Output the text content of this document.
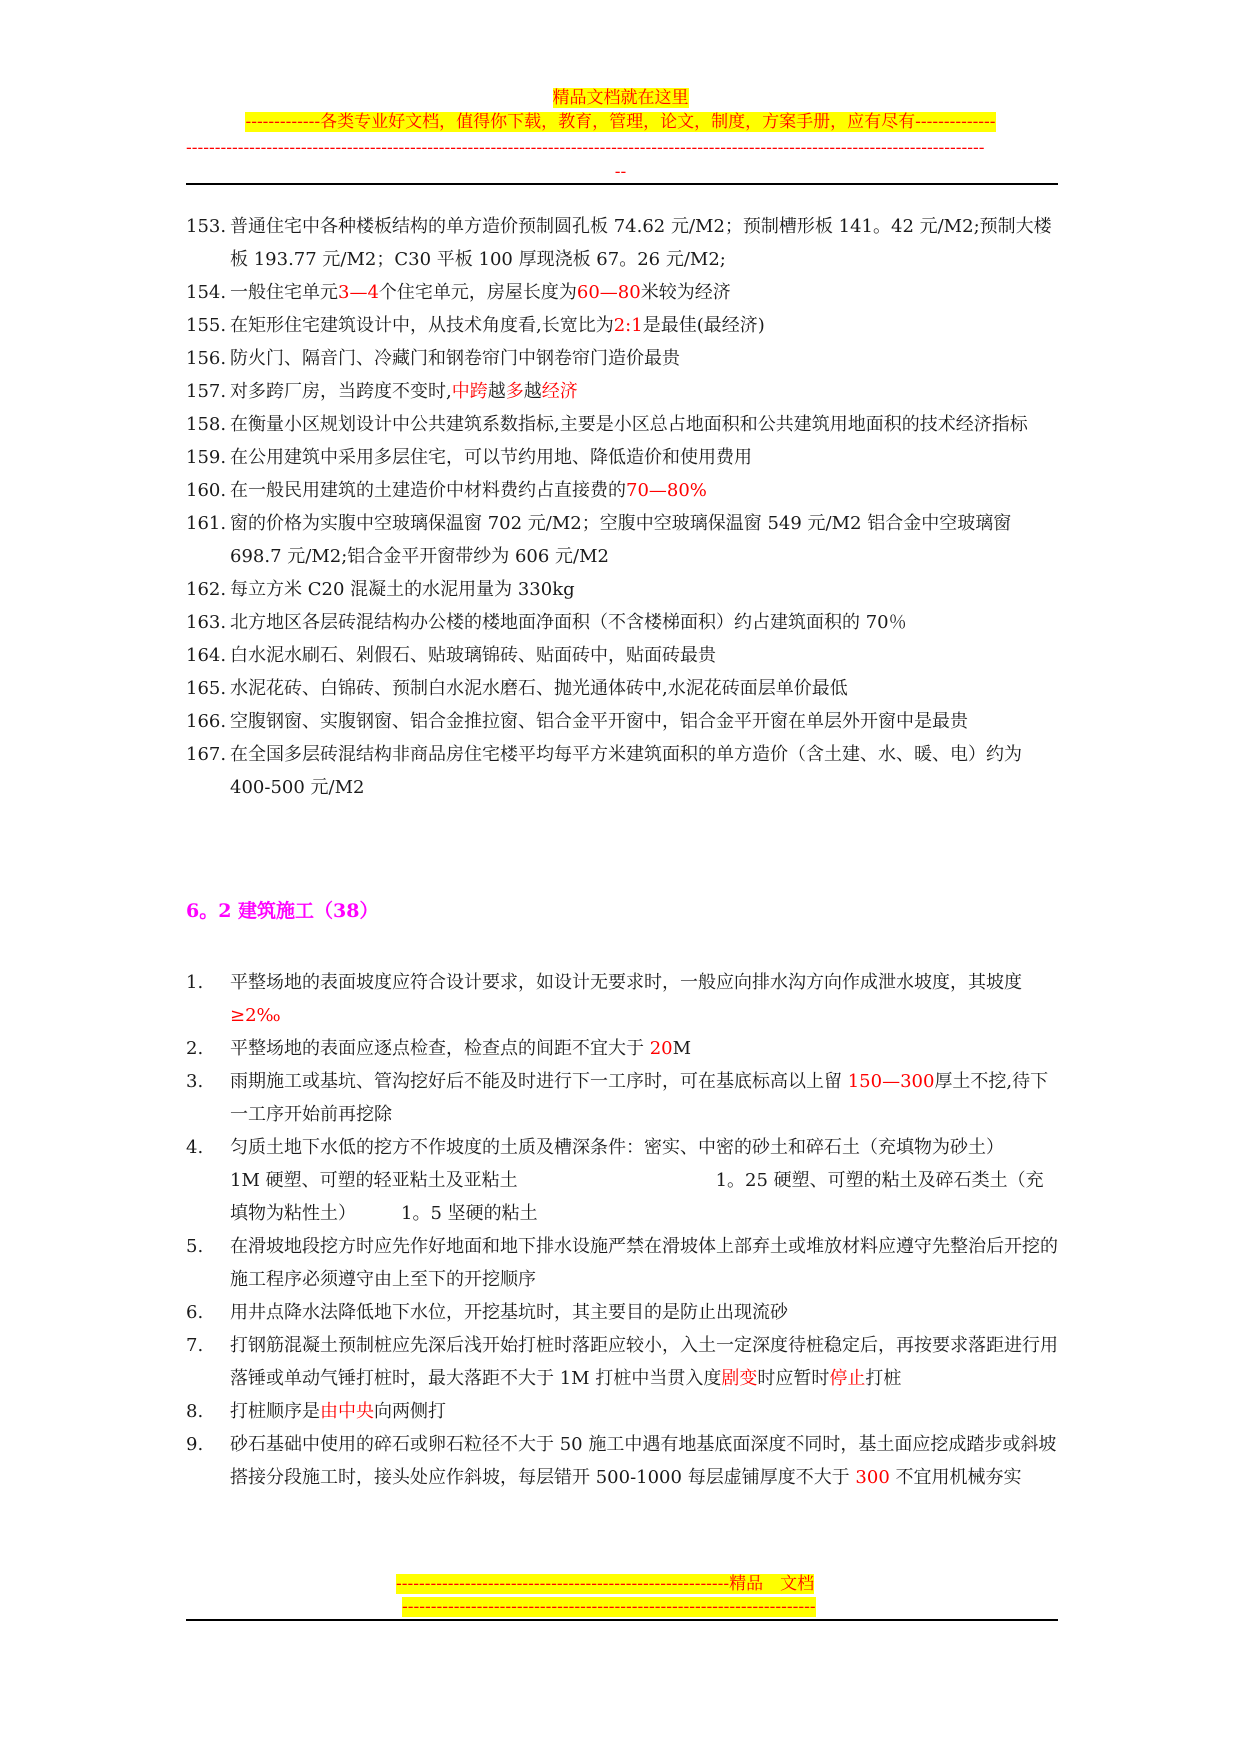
精品文档就在这里
-------------各类专业好文档，值得你下载，教育，管理，论文，制度，方案手册，应有尽有--------------
-------------------------------------------------------------------------------------------------------------------------------------------
--
153. 普通住宅中各种楼板结构的单方造价预制圆孔板 74.62 元/M2；预制槽形板 141。42 元/M2;预制大楼板 193.77 元/M2；C30 平板 100 厚现浇板 67。26 元/M2;
154. 一般住宅单元3—4个住宅单元，房屋长度为60—80米较为经济
155. 在矩形住宅建筑设计中，从技术角度看,长宽比为2:1是最佳(最经济)
156. 防火门、隔音门、冷藏门和钢卷帘门中钢卷帘门造价最贵
157. 对多跨厂房，当跨度不变时,中跨越多越经济
158. 在衡量小区规划设计中公共建筑系数指标,主要是小区总占地面积和公共建筑用地面积的技术经济指标
159. 在公用建筑中采用多层住宅，可以节约用地、降低造价和使用费用
160. 在一般民用建筑的土建造价中材料费约占直接费的70—80%
161. 窗的价格为实腹中空玻璃保温窗 702 元/M2；空腹中空玻璃保温窗 549 元/M2 铝合金中空玻璃窗 698.7 元/M2;铝合金平开窗带纱为 606 元/M2
162. 每立方米 C20 混凝土的水泥用量为 330kg
163. 北方地区各层砖混结构办公楼的楼地面净面积（不含楼梯面积）约占建筑面积的 70％
164. 白水泥水刷石、剁假石、贴玻璃锦砖、贴面砖中，贴面砖最贵
165. 水泥花砖、白锦砖、预制白水泥水磨石、抛光通体砖中,水泥花砖面层单价最低
166. 空腹钢窗、实腹钢窗、铝合金推拉窗、铝合金平开窗中，铝合金平开窗在单层外开窗中是最贵
167. 在全国多层砖混结构非商品房住宅楼平均每平方米建筑面积的单方造价（含土建、水、暖、电）约为 400-500 元/M2
6。2 建筑施工（38）
1.	平整场地的表面坡度应符合设计要求，如设计无要求时，一般应向排水沟方向作成泄水坡度，其坡度≥2‰
2.	平整场地的表面应逐点检查，检查点的间距不宜大于 20M
3.	雨期施工或基坑、管沟挖好后不能及时进行下一工序时，可在基底标高以上留 150—300厚土不挖,待下一工序开始前再挖除
4.	匀质土地下水低的挖方不作坡度的土质及槽深条件：密实、中密的砂土和碎石土（充填物为砂土）　　1M 硬塑、可塑的轻亚粘土及亚粘土　　　　　　　　　　　1。25 硬塑、可塑的粘土及碎石类土（充填物为粘性土）　　　1。5 坚硬的粘土
5.	在滑坡地段挖方时应先作好地面和地下排水设施严禁在滑坡体上部弃土或堆放材料应遵守先整治后开挖的施工程序必须遵守由上至下的开挖顺序
6.	用井点降水法降低地下水位，开挖基坑时，其主要目的是防止出现流砂
7.	打钢筋混凝土预制桩应先深后浅开始打桩时落距应较小，入土一定深度待桩稳定后，再按要求落距进行用落锤或单动气锤打桩时，最大落距不大于 1M 打桩中当贯入度剧变时应暂时停止打桩
8.	打桩顺序是由中央向两侧打
9.	砂石基础中使用的碎石或卵石粒径不大于 50 施工中遇有地基底面深度不同时，基土面应挖成踏步或斜坡搭接分段施工时，接头处应作斜坡，每层错开 500-1000 每层虚铺厚度不大于 300 不宜用机械夯实
----------------------------------------------------------精品　文档
------------------------------------------------------------------------
